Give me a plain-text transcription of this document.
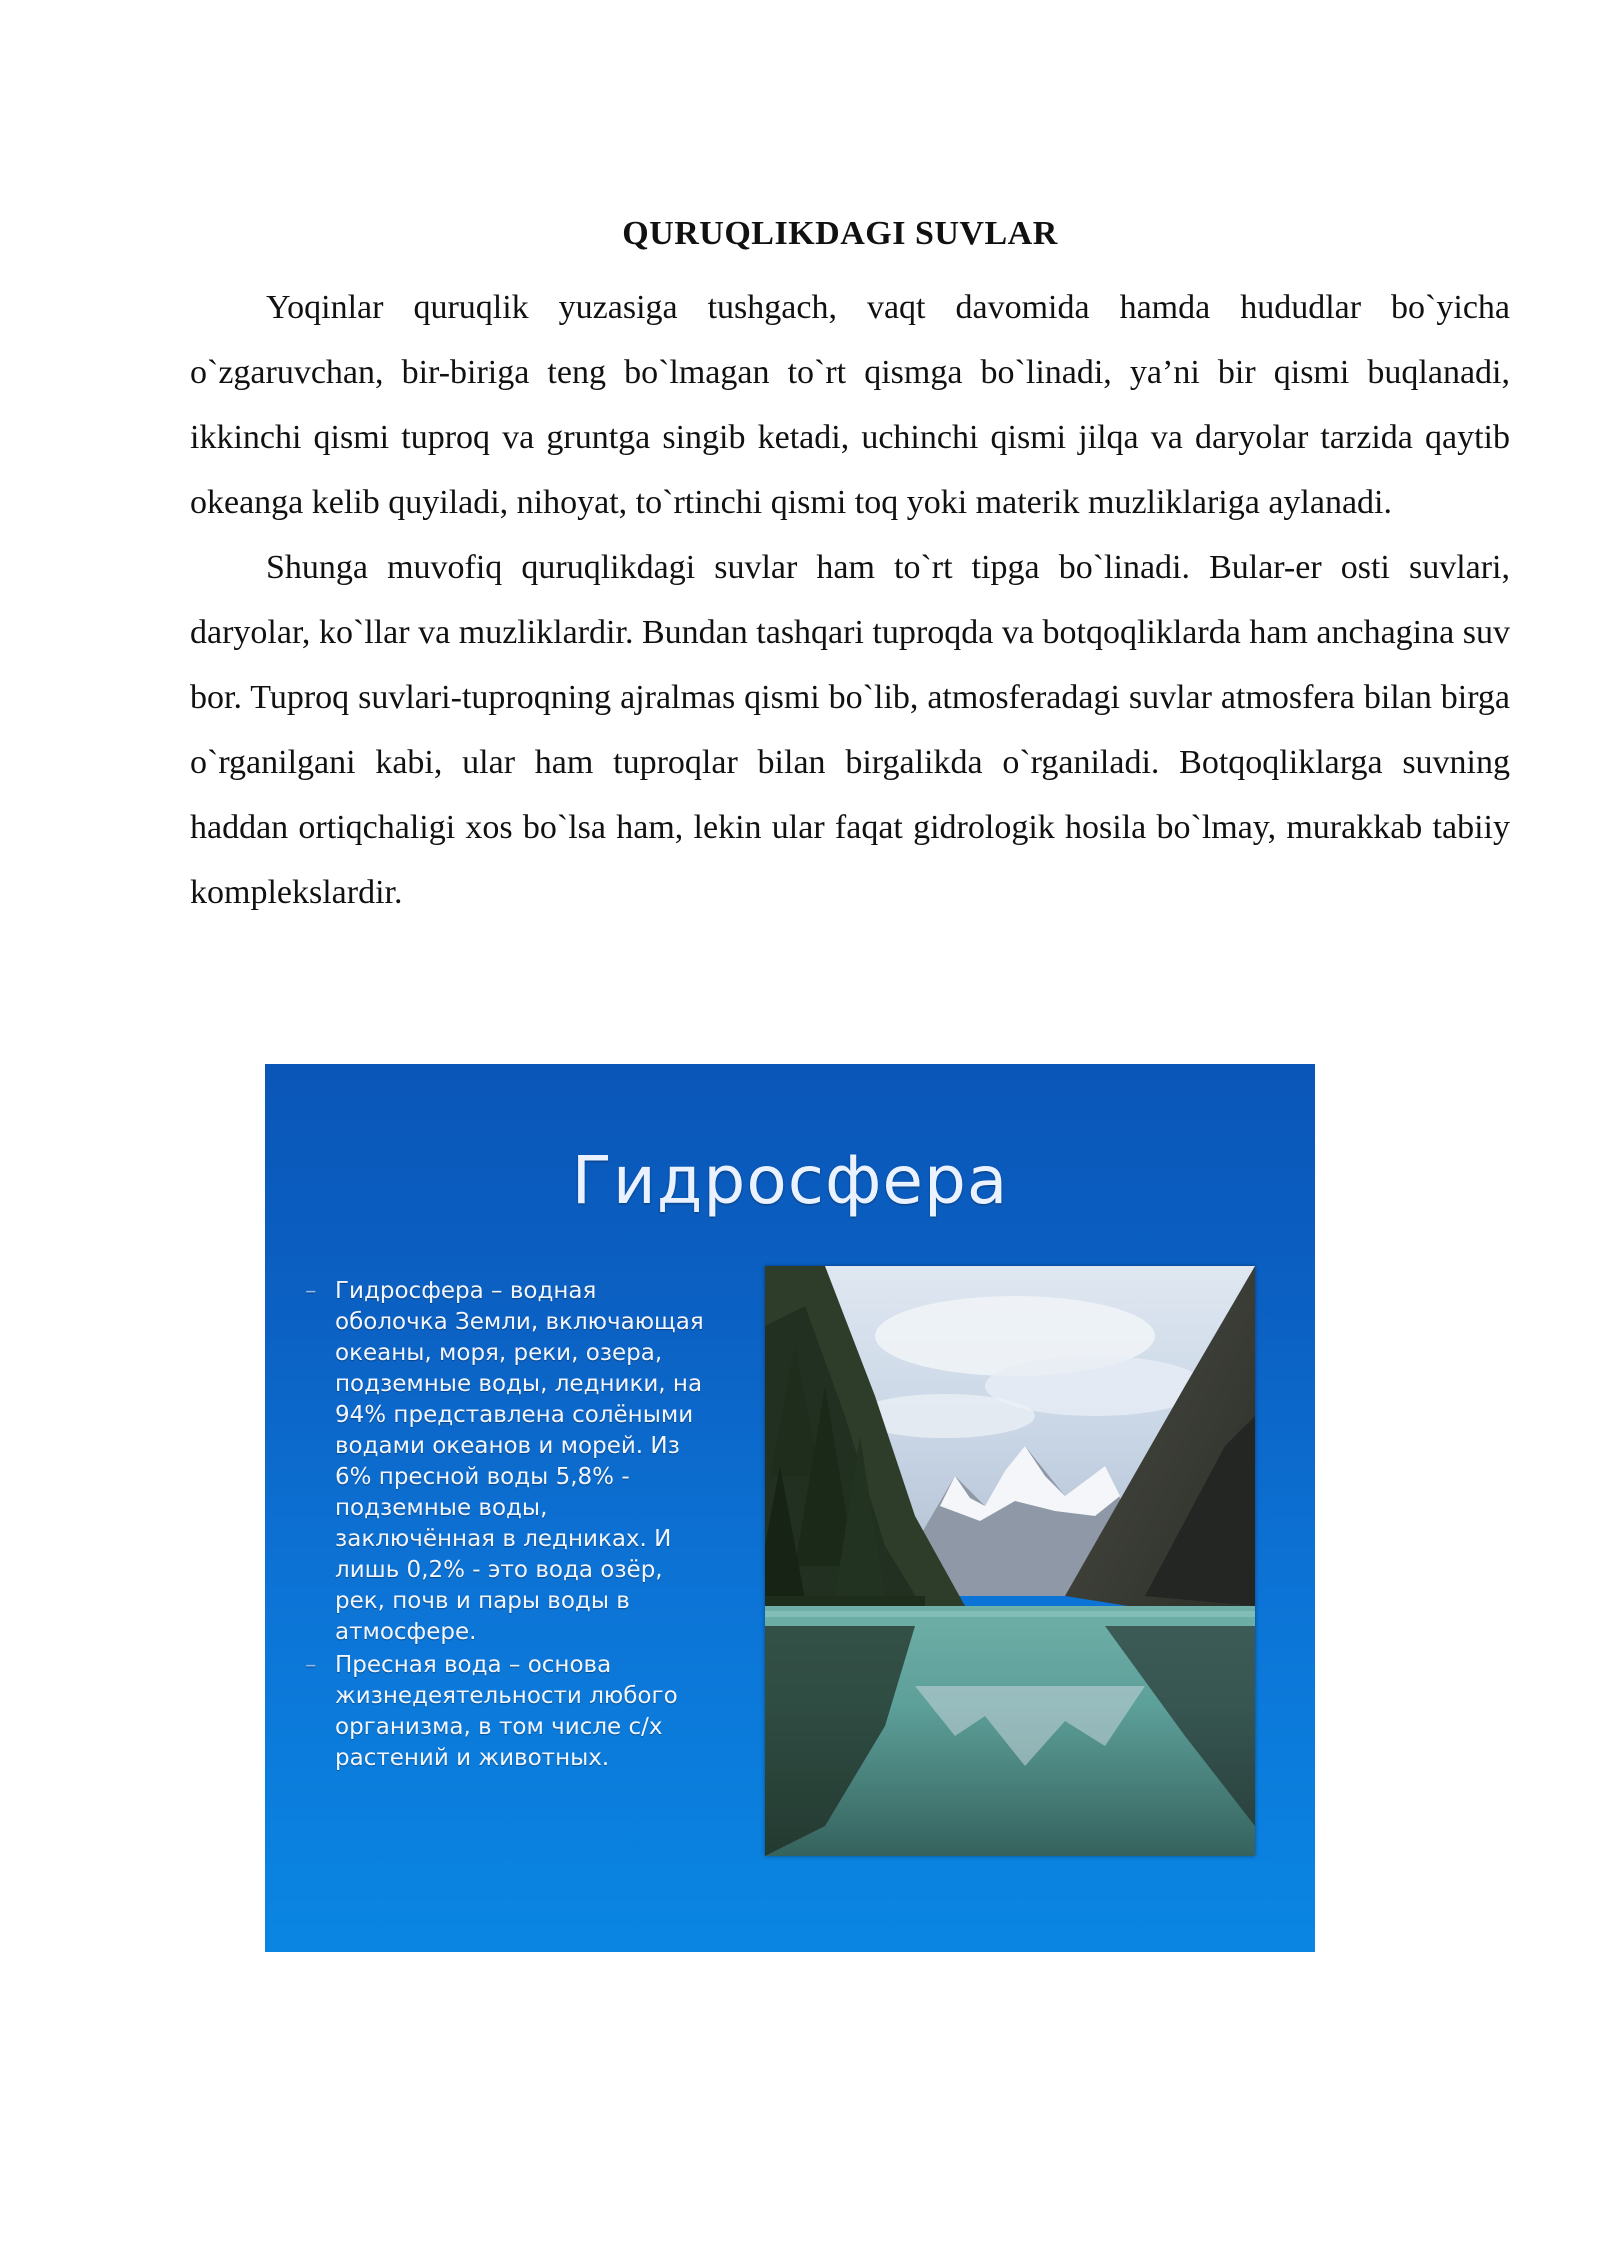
QURUQLIKDAGI SUVLAR

Yoqinlar quruqlik yuzasiga tushgach, vaqt davomida hamda hududlar bo`yicha o`zgaruvchan, bir-biriga teng bo`lmagan to`rt qismga bo`linadi, ya’ni bir qismi buqlanadi, ikkinchi qismi tuproq va gruntga singib ketadi, uchinchi qismi jilqa va daryolar tarzida qaytib okeanga kelib quyiladi, nihoyat, to`rtinchi qismi toq yoki materik muzliklariga aylanadi.

Shunga muvofiq quruqlikdagi suvlar ham to`rt tipga bo`linadi. Bular-er osti suvlari, daryolar, ko`llar va muzliklardir. Bundan tashqari tuproqda va botqoqliklarda ham anchagina suv bor. Tuproq suvlari-tuproqning ajralmas qismi bo`lib, atmosferadagi suvlar atmosfera bilan birga o`rganilgani kabi, ular ham tuproqlar bilan birgalikda o`rganiladi. Botqoqliklarga suvning haddan ortiqchaligi xos bo`lsa ham, lekin ular faqat gidrologik hosila bo`lmay, murakkab tabiiy komplekslardir.

Гидросфера
– Гидросфера – водная оболочка Земли, включающая океаны, моря, реки, озера, подземные воды, ледники, на 94% представлена солёными водами океанов и морей. Из 6% пресной воды 5,8% - подземные воды, заключённая в ледниках. И лишь 0,2% - это вода озёр, рек, почв и пары воды в атмосфере.
– Пресная вода – основа жизнедеятельности любого организма, в том числе с/х растений и животных.
